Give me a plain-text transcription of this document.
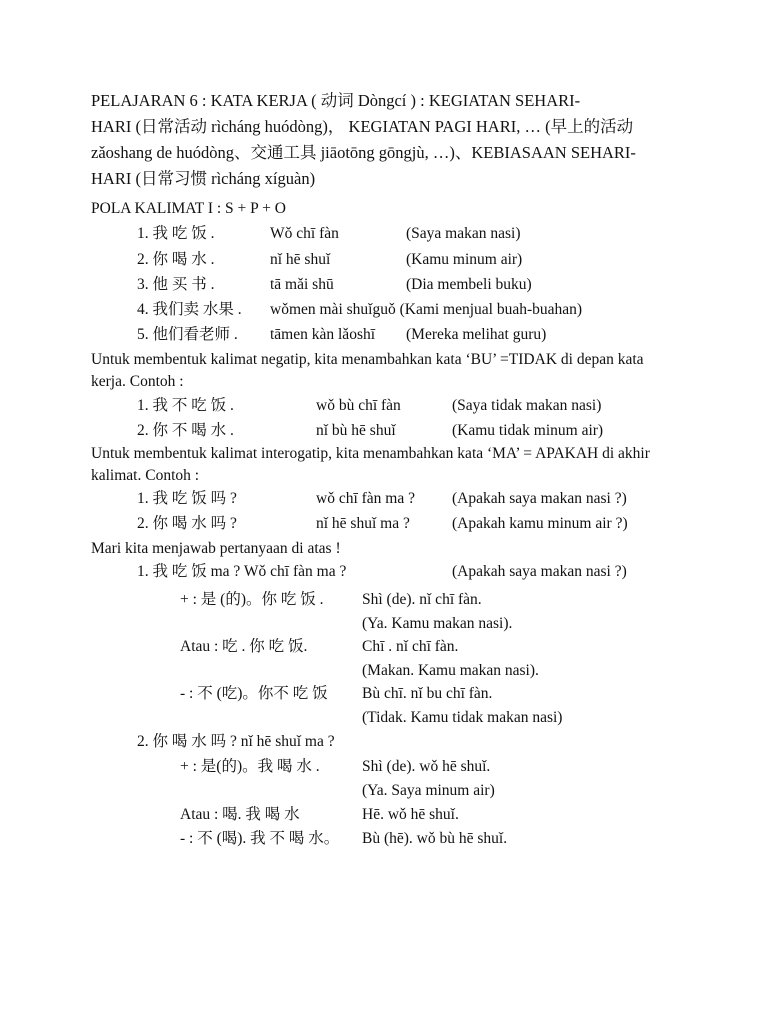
PELAJARAN 6 : KATA KERJA ( 动词 Dòngcí ) : KEGIATAN SEHARI-
HARI (日常活动 rìcháng huódòng)， KEGIATAN PAGI HARI, … (早上的活动
zǎoshang de huódòng、交通工具 jiāotōng gōngjù, …)、KEBIASAAN SEHARI-
HARI (日常习惯 rìcháng xíguàn)
POLA KALIMAT I : S + P + O
1. 我 吃 饭 .	Wǒ chī fàn	(Saya makan nasi)
2. 你 喝 水 .	nǐ hē shuǐ	(Kamu minum air)
3. 他 买 书 .	tā mǎi shū	(Dia membeli buku)
4. 我们卖 水果 . wǒmen mài shuǐguǒ (Kami menjual buah-buahan)
5. 他们看老师 . tāmen kàn lǎoshī (Mereka melihat guru)
Untuk membentuk kalimat negatip, kita menambahkan kata ‘BU’ =TIDAK di depan kata kerja. Contoh :
1. 我 不 吃 饭 .	wǒ bù chī fàn	(Saya tidak makan nasi)
2. 你 不 喝 水 .	nǐ bù hē shuǐ	(Kamu tidak minum air)
Untuk membentuk kalimat interogatip, kita menambahkan kata ‘MA’ = APAKAH di akhir kalimat. Contoh :
1. 我 吃 饭 吗 ?	wǒ chī fàn ma ? (Apakah saya makan nasi ?)
2. 你 喝 水 吗 ?	nǐ hē shuǐ ma ?	(Apakah kamu minum air ?)
Mari kita menjawab pertanyaan di atas !
1. 我 吃 饭 ma ? Wǒ chī fàn ma ?	(Apakah saya makan nasi ?)
+ : 是 (的)。你 吃 饭 . Shì (de). nǐ chī fàn.
(Ya. Kamu makan nasi).
Atau : 吃 . 你 吃 饭.	Chī . nǐ chī fàn.
(Makan. Kamu makan nasi).
- : 不 (吃)。你不 吃 饭 Bù chī. nǐ bu chī fàn.
(Tidak. Kamu tidak makan nasi)
2. 你 喝 水 吗 ? nǐ hē shuǐ ma ?
+ : 是(的)。我 喝 水 .	Shì (de). wǒ hē shuǐ.
(Ya. Saya minum air)
Atau : 喝. 我 喝 水	Hē. wǒ hē shuǐ.
- : 不 (喝). 我 不 喝 水。 Bù (hē). wǒ bù hē shuǐ.
